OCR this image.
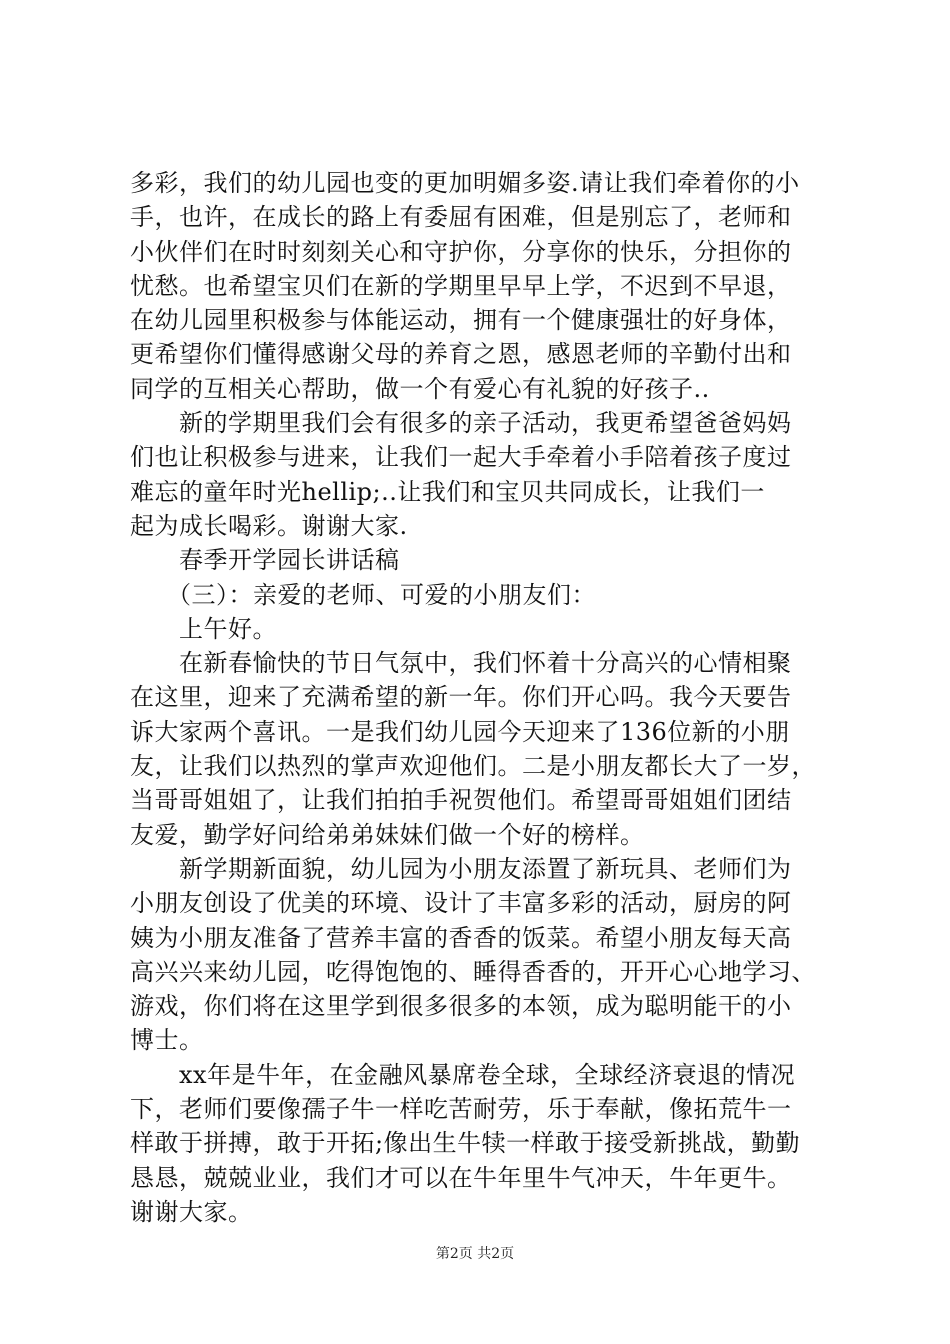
多彩，我们的幼儿园也变的更加明媚多姿.请让我们牵着你的小
手，也许，在成长的路上有委屈有困难，但是别忘了，老师和
小伙伴们在时时刻刻关心和守护你，分享你的快乐，分担你的
忧愁。也希望宝贝们在新的学期里早早上学，不迟到不早退，
在幼儿园里积极参与体能运动，拥有一个健康强壮的好身体，
更希望你们懂得感谢父母的养育之恩，感恩老师的辛勤付出和
同学的互相关心帮助，做一个有爱心有礼貌的好孩子..
　　新的学期里我们会有很多的亲子活动，我更希望爸爸妈妈
们也让积极参与进来，让我们一起大手牵着小手陪着孩子度过
难忘的童年时光hellip;..让我们和宝贝共同成长，让我们一
起为成长喝彩。谢谢大家.
　　春季开学园长讲话稿
　　（三）：亲爱的老师、可爱的小朋友们：
　　上午好。
　　在新春愉快的节日气氛中，我们怀着十分高兴的心情相聚
在这里，迎来了充满希望的新一年。你们开心吗。我今天要告
诉大家两个喜讯。一是我们幼儿园今天迎来了136位新的小朋
友，让我们以热烈的掌声欢迎他们。二是小朋友都长大了一岁，
当哥哥姐姐了，让我们拍拍手祝贺他们。希望哥哥姐姐们团结
友爱，勤学好问给弟弟妹妹们做一个好的榜样。
　　新学期新面貌，幼儿园为小朋友添置了新玩具、老师们为
小朋友创设了优美的环境、设计了丰富多彩的活动，厨房的阿
姨为小朋友准备了营养丰富的香香的饭菜。希望小朋友每天高
高兴兴来幼儿园，吃得饱饱的、睡得香香的，开开心心地学习、
游戏，你们将在这里学到很多很多的本领，成为聪明能干的小
博士。
　　xx年是牛年，在金融风暴席卷全球，全球经济衰退的情况
下，老师们要像孺子牛一样吃苦耐劳，乐于奉献，像拓荒牛一
样敢于拼搏，敢于开拓;像出生牛犊一样敢于接受新挑战，勤勤
恳恳，兢兢业业，我们才可以在牛年里牛气冲天，牛年更牛。
谢谢大家。
第2页 共2页
